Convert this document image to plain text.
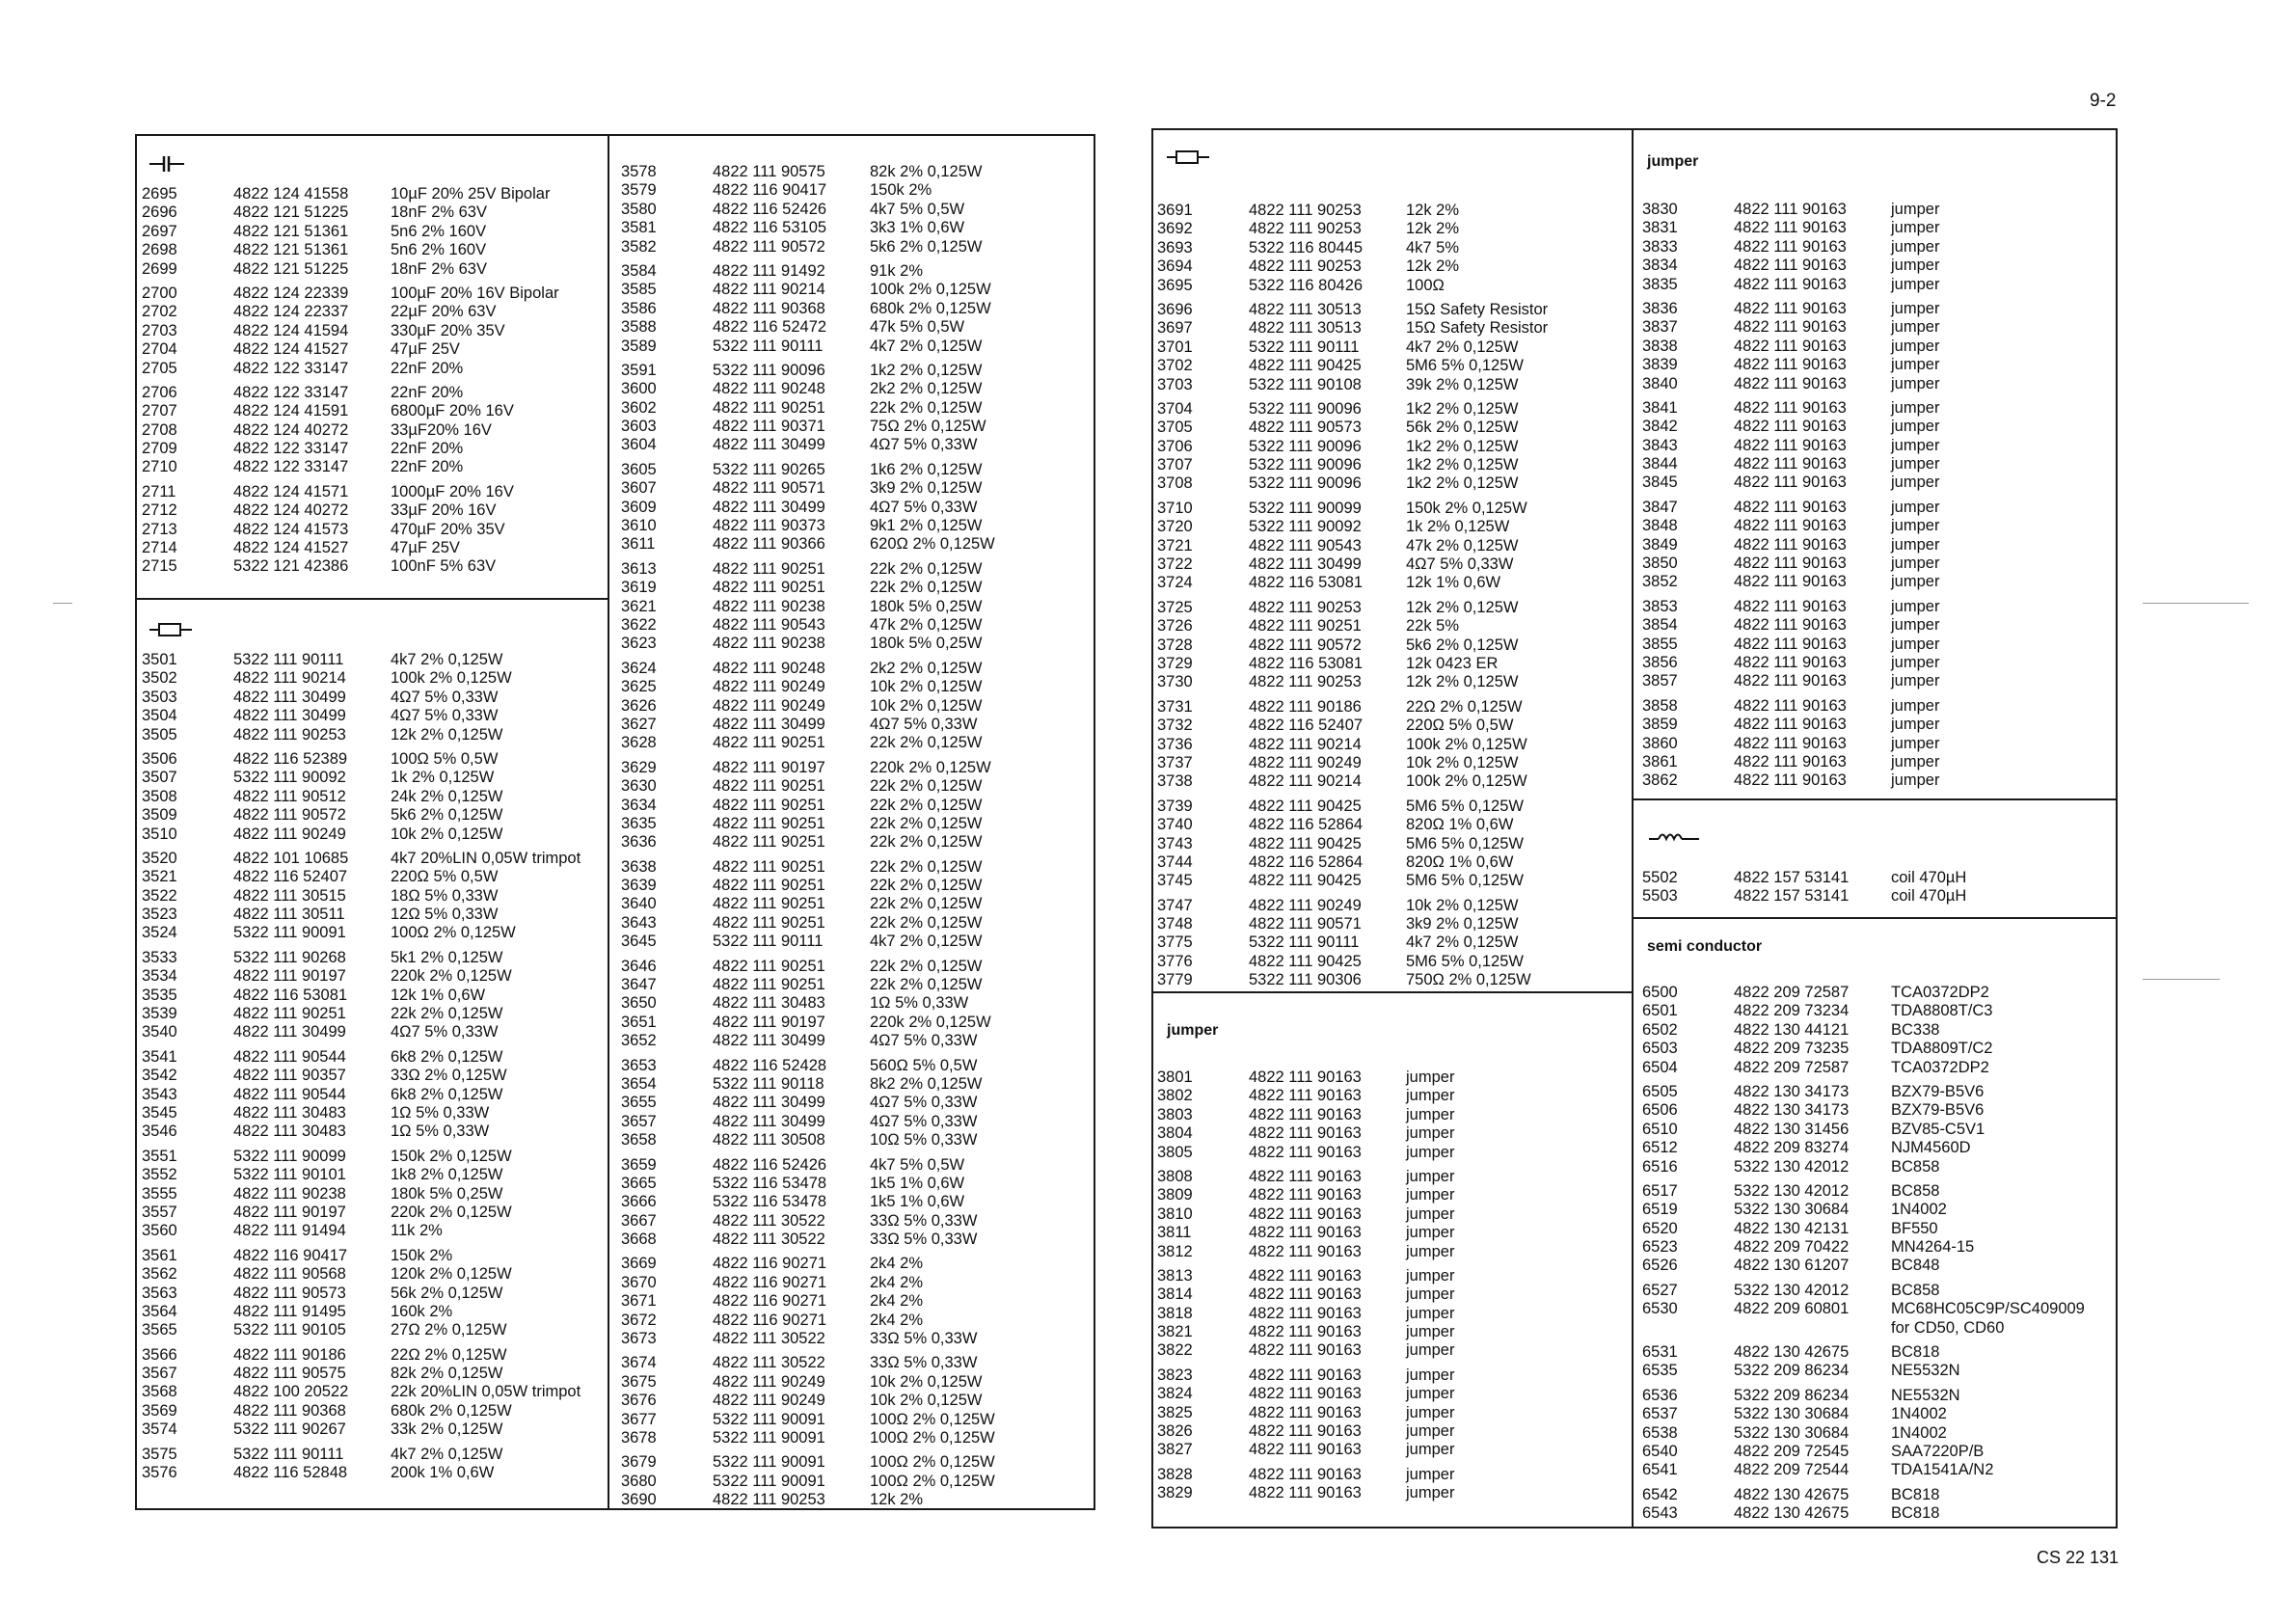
9-2
CS 22 131
jumper
jumper
semi conductor
2695	4822 124 41558	10µF 20% 25V Bipolar
2696	4822 121 51225	18nF 2% 63V
2697	4822 121 51361	5n6 2% 160V
2698	4822 121 51361	5n6 2% 160V
2699	4822 121 51225	18nF 2% 63V
2700	4822 124 22339	100µF 20% 16V Bipolar
2702	4822 124 22337	22µF 20% 63V
2703	4822 124 41594	330µF 20% 35V
2704	4822 124 41527	47µF 25V
2705	4822 122 33147	22nF 20%
2706	4822 122 33147	22nF 20%
2707	4822 124 41591	6800µF 20% 16V
2708	4822 124 40272	33µF20% 16V
2709	4822 122 33147	22nF 20%
2710	4822 122 33147	22nF 20%
2711	4822 124 41571	1000µF 20% 16V
2712	4822 124 40272	33µF 20% 16V
2713	4822 124 41573	470µF 20% 35V
2714	4822 124 41527	47µF 25V
2715	5322 121 42386	100nF 5% 63V
3501	5322 111 90111	4k7 2% 0,125W
3502	4822 111 90214	100k 2% 0,125W
3503	4822 111 30499	4Ω7 5% 0,33W
3504	4822 111 30499	4Ω7 5% 0,33W
3505	4822 111 90253	12k 2% 0,125W
3506	4822 116 52389	100Ω 5% 0,5W
3507	5322 111 90092	1k 2% 0,125W
3508	4822 111 90512	24k 2% 0,125W
3509	4822 111 90572	5k6 2% 0,125W
3510	4822 111 90249	10k 2% 0,125W
3520	4822 101 10685	4k7 20%LIN 0,05W trimpot
3521	4822 116 52407	220Ω 5% 0,5W
3522	4822 111 30515	18Ω 5% 0,33W
3523	4822 111 30511	12Ω 5% 0,33W
3524	5322 111 90091	100Ω 2% 0,125W
3533	5322 111 90268	5k1 2% 0,125W
3534	4822 111 90197	220k 2% 0,125W
3535	4822 116 53081	12k 1% 0,6W
3539	4822 111 90251	22k 2% 0,125W
3540	4822 111 30499	4Ω7 5% 0,33W
3541	4822 111 90544	6k8 2% 0,125W
3542	4822 111 90357	33Ω 2% 0,125W
3543	4822 111 90544	6k8 2% 0,125W
3545	4822 111 30483	1Ω 5% 0,33W
3546	4822 111 30483	1Ω 5% 0,33W
3551	5322 111 90099	150k 2% 0,125W
3552	5322 111 90101	1k8 2% 0,125W
3555	4822 111 90238	180k 5% 0,25W
3557	4822 111 90197	220k 2% 0,125W
3560	4822 111 91494	11k 2%
3561	4822 116 90417	150k 2%
3562	4822 111 90568	120k 2% 0,125W
3563	4822 111 90573	56k 2% 0,125W
3564	4822 111 91495	160k 2%
3565	5322 111 90105	27Ω 2% 0,125W
3566	4822 111 90186	22Ω 2% 0,125W
3567	4822 111 90575	82k 2% 0,125W
3568	4822 100 20522	22k 20%LIN 0,05W trimpot
3569	4822 111 90368	680k 2% 0,125W
3574	5322 111 90267	33k 2% 0,125W
3575	5322 111 90111	4k7 2% 0,125W
3576	4822 116 52848	200k 1% 0,6W
3578	4822 111 90575	82k 2% 0,125W
3579	4822 116 90417	150k 2%
3580	4822 116 52426	4k7 5% 0,5W
3581	4822 116 53105	3k3 1% 0,6W
3582	4822 111 90572	5k6 2% 0,125W
3584	4822 111 91492	91k 2%
3585	4822 111 90214	100k 2% 0,125W
3586	4822 111 90368	680k 2% 0,125W
3588	4822 116 52472	47k 5% 0,5W
3589	5322 111 90111	4k7 2% 0,125W
3591	5322 111 90096	1k2 2% 0,125W
3600	4822 111 90248	2k2 2% 0,125W
3602	4822 111 90251	22k 2% 0,125W
3603	4822 111 90371	75Ω 2% 0,125W
3604	4822 111 30499	4Ω7 5% 0,33W
3605	5322 111 90265	1k6 2% 0,125W
3607	4822 111 90571	3k9 2% 0,125W
3609	4822 111 30499	4Ω7 5% 0,33W
3610	4822 111 90373	9k1 2% 0,125W
3611	4822 111 90366	620Ω 2% 0,125W
3613	4822 111 90251	22k 2% 0,125W
3619	4822 111 90251	22k 2% 0,125W
3621	4822 111 90238	180k 5% 0,25W
3622	4822 111 90543	47k 2% 0,125W
3623	4822 111 90238	180k 5% 0,25W
3624	4822 111 90248	2k2 2% 0,125W
3625	4822 111 90249	10k 2% 0,125W
3626	4822 111 90249	10k 2% 0,125W
3627	4822 111 30499	4Ω7 5% 0,33W
3628	4822 111 90251	22k 2% 0,125W
3629	4822 111 90197	220k 2% 0,125W
3630	4822 111 90251	22k 2% 0,125W
3634	4822 111 90251	22k 2% 0,125W
3635	4822 111 90251	22k 2% 0,125W
3636	4822 111 90251	22k 2% 0,125W
3638	4822 111 90251	22k 2% 0,125W
3639	4822 111 90251	22k 2% 0,125W
3640	4822 111 90251	22k 2% 0,125W
3643	4822 111 90251	22k 2% 0,125W
3645	5322 111 90111	4k7 2% 0,125W
3646	4822 111 90251	22k 2% 0,125W
3647	4822 111 90251	22k 2% 0,125W
3650	4822 111 30483	1Ω 5% 0,33W
3651	4822 111 90197	220k 2% 0,125W
3652	4822 111 30499	4Ω7 5% 0,33W
3653	4822 116 52428	560Ω 5% 0,5W
3654	5322 111 90118	8k2 2% 0,125W
3655	4822 111 30499	4Ω7 5% 0,33W
3657	4822 111 30499	4Ω7 5% 0,33W
3658	4822 111 30508	10Ω 5% 0,33W
3659	4822 116 52426	4k7 5% 0,5W
3665	5322 116 53478	1k5 1% 0,6W
3666	5322 116 53478	1k5 1% 0,6W
3667	4822 111 30522	33Ω 5% 0,33W
3668	4822 111 30522	33Ω 5% 0,33W
3669	4822 116 90271	2k4 2%
3670	4822 116 90271	2k4 2%
3671	4822 116 90271	2k4 2%
3672	4822 116 90271	2k4 2%
3673	4822 111 30522	33Ω 5% 0,33W
3674	4822 111 30522	33Ω 5% 0,33W
3675	4822 111 90249	10k 2% 0,125W
3676	4822 111 90249	10k 2% 0,125W
3677	5322 111 90091	100Ω 2% 0,125W
3678	5322 111 90091	100Ω 2% 0,125W
3679	5322 111 90091	100Ω 2% 0,125W
3680	5322 111 90091	100Ω 2% 0,125W
3690	4822 111 90253	12k 2%
3691	4822 111 90253	12k 2%
3692	4822 111 90253	12k 2%
3693	5322 116 80445	4k7 5%
3694	4822 111 90253	12k 2%
3695	5322 116 80426	100Ω
3696	4822 111 30513	15Ω Safety Resistor
3697	4822 111 30513	15Ω Safety Resistor
3701	5322 111 90111	4k7 2% 0,125W
3702	4822 111 90425	5M6 5% 0,125W
3703	5322 111 90108	39k 2% 0,125W
3704	5322 111 90096	1k2 2% 0,125W
3705	4822 111 90573	56k 2% 0,125W
3706	5322 111 90096	1k2 2% 0,125W
3707	5322 111 90096	1k2 2% 0,125W
3708	5322 111 90096	1k2 2% 0,125W
3710	5322 111 90099	150k 2% 0,125W
3720	5322 111 90092	1k 2% 0,125W
3721	4822 111 90543	47k 2% 0,125W
3722	4822 111 30499	4Ω7 5% 0,33W
3724	4822 116 53081	12k 1% 0,6W
3725	4822 111 90253	12k 2% 0,125W
3726	4822 111 90251	22k 5%
3728	4822 111 90572	5k6 2% 0,125W
3729	4822 116 53081	12k 0423 ER
3730	4822 111 90253	12k 2% 0,125W
3731	4822 111 90186	22Ω 2% 0,125W
3732	4822 116 52407	220Ω 5% 0,5W
3736	4822 111 90214	100k 2% 0,125W
3737	4822 111 90249	10k 2% 0,125W
3738	4822 111 90214	100k 2% 0,125W
3739	4822 111 90425	5M6 5% 0,125W
3740	4822 116 52864	820Ω 1% 0,6W
3743	4822 111 90425	5M6 5% 0,125W
3744	4822 116 52864	820Ω 1% 0,6W
3745	4822 111 90425	5M6 5% 0,125W
3747	4822 111 90249	10k 2% 0,125W
3748	4822 111 90571	3k9 2% 0,125W
3775	5322 111 90111	4k7 2% 0,125W
3776	4822 111 90425	5M6 5% 0,125W
3779	5322 111 90306	750Ω 2% 0,125W
3801	4822 111 90163	jumper
3802	4822 111 90163	jumper
3803	4822 111 90163	jumper
3804	4822 111 90163	jumper
3805	4822 111 90163	jumper
3808	4822 111 90163	jumper
3809	4822 111 90163	jumper
3810	4822 111 90163	jumper
3811	4822 111 90163	jumper
3812	4822 111 90163	jumper
3813	4822 111 90163	jumper
3814	4822 111 90163	jumper
3818	4822 111 90163	jumper
3821	4822 111 90163	jumper
3822	4822 111 90163	jumper
3823	4822 111 90163	jumper
3824	4822 111 90163	jumper
3825	4822 111 90163	jumper
3826	4822 111 90163	jumper
3827	4822 111 90163	jumper
3828	4822 111 90163	jumper
3829	4822 111 90163	jumper
3830	4822 111 90163	jumper
3831	4822 111 90163	jumper
3833	4822 111 90163	jumper
3834	4822 111 90163	jumper
3835	4822 111 90163	jumper
3836	4822 111 90163	jumper
3837	4822 111 90163	jumper
3838	4822 111 90163	jumper
3839	4822 111 90163	jumper
3840	4822 111 90163	jumper
3841	4822 111 90163	jumper
3842	4822 111 90163	jumper
3843	4822 111 90163	jumper
3844	4822 111 90163	jumper
3845	4822 111 90163	jumper
3847	4822 111 90163	jumper
3848	4822 111 90163	jumper
3849	4822 111 90163	jumper
3850	4822 111 90163	jumper
3852	4822 111 90163	jumper
3853	4822 111 90163	jumper
3854	4822 111 90163	jumper
3855	4822 111 90163	jumper
3856	4822 111 90163	jumper
3857	4822 111 90163	jumper
3858	4822 111 90163	jumper
3859	4822 111 90163	jumper
3860	4822 111 90163	jumper
3861	4822 111 90163	jumper
3862	4822 111 90163	jumper
5502	4822 157 53141	coil 470µH
5503	4822 157 53141	coil 470µH
6500	4822 209 72587	TCA0372DP2
6501	4822 209 73234	TDA8808T/C3
6502	4822 130 44121	BC338
6503	4822 209 73235	TDA8809T/C2
6504	4822 209 72587	TCA0372DP2
6505	4822 130 34173	BZX79-B5V6
6506	4822 130 34173	BZX79-B5V6
6510	4822 130 31456	BZV85-C5V1
6512	4822 209 83274	NJM4560D
6516	5322 130 42012	BC858
6517	5322 130 42012	BC858
6519	5322 130 30684	1N4002
6520	4822 130 42131	BF550
6523	4822 209 70422	MN4264-15
6526	4822 130 61207	BC848
6527	5322 130 42012	BC858
6530	4822 209 60801	MC68HC05C9P/SC409009
for CD50, CD60
6531	4822 130 42675	BC818
6535	5322 209 86234	NE5532N
6536	5322 209 86234	NE5532N
6537	5322 130 30684	1N4002
6538	5322 130 30684	1N4002
6540	4822 209 72545	SAA7220P/B
6541	4822 209 72544	TDA1541A/N2
6542	4822 130 42675	BC818
6543	4822 130 42675	BC818
